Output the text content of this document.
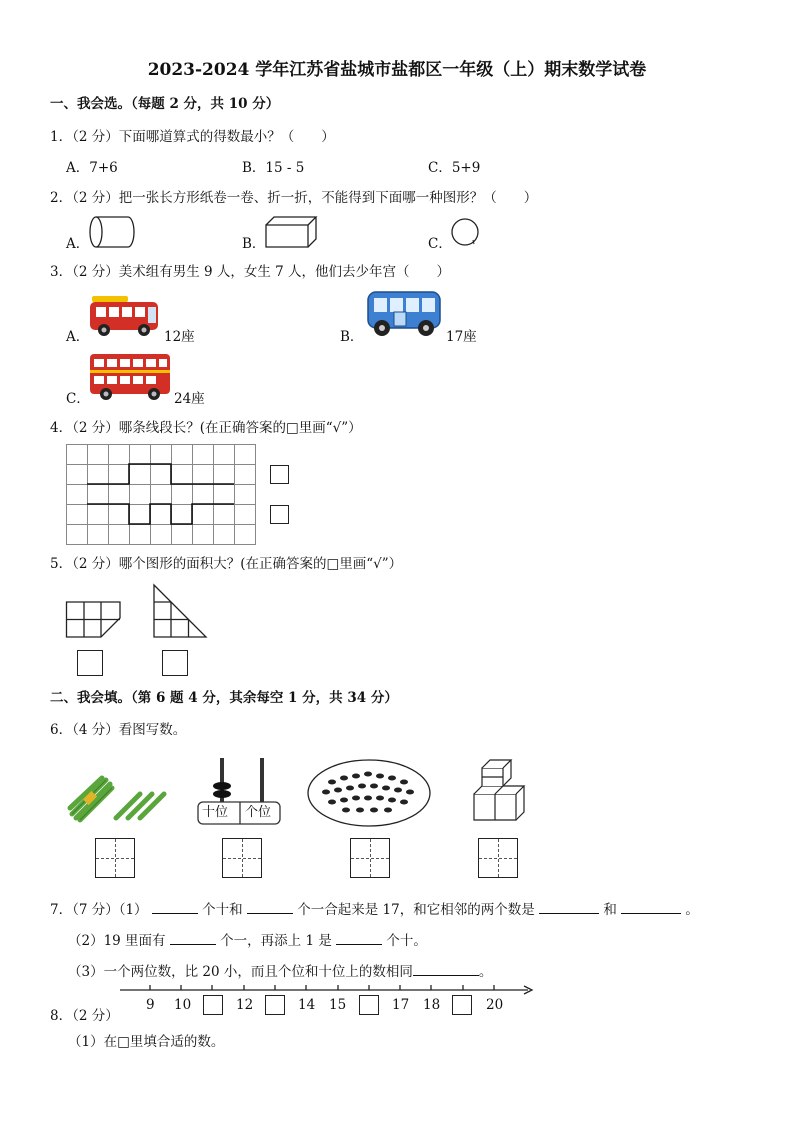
2023-2024 学年江苏省盐城市盐都区一年级（上）期末数学试卷
一、我会选。（每题 2 分，共 10 分）
1．（2 分）下面哪道算式的得数最小？（　　）
A．7+6	B．15 - 5	C．5+9
2．（2 分）把一张长方形纸卷一卷、折一折，不能得到下面哪一种图形？（　　）
A．	B．	C．
3．（2 分）美术组有男生 9 人，女生 7 人，他们去少年宫（　　）
A．	12座	B．	17座
C．	24座
4．（2 分）哪条线段长？(在正确答案的□里画“√”）
5．（2 分）哪个图形的面积大？(在正确答案的□里画“√”）
二、我会填。（第 6 题 4 分，其余每空 1 分，共 34 分）
6．（4 分）看图写数。
十位 个位
7．（7 分）（1）	个十和	个一合起来是 17，和它相邻的两个数是	和	。
（2）19 里面有	个一，再添上 1 是	个十。
（3）一个两位数，比 20 小，而且个位和十位上的数相同	。
9 10	12	14 15	17 18	20
8．（2 分）
（1）在□里填合适的数。
